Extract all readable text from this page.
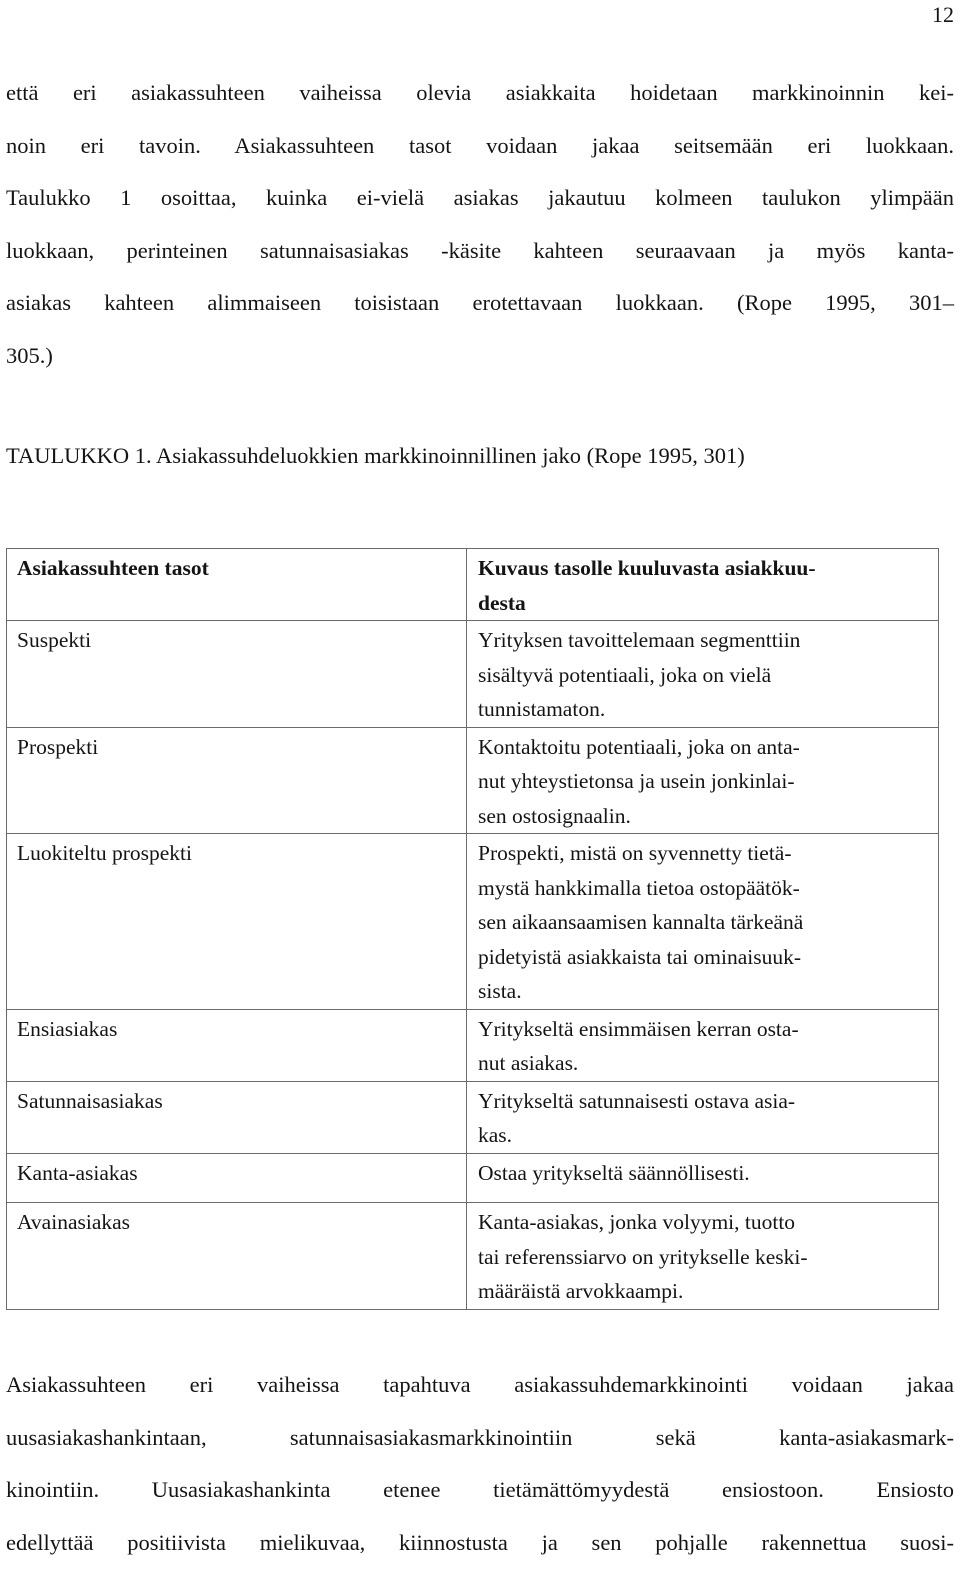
12
että eri asiakassuhteen vaiheissa olevia asiakkaita hoidetaan markkinoinnin kei-
noin eri tavoin. Asiakassuhteen tasot voidaan jakaa seitsemään eri luokkaan.
Taulukko 1 osoittaa, kuinka ei-vielä asiakas jakautuu kolmeen taulukon ylimpään
luokkaan, perinteinen satunnaisasiakas -käsite kahteen seuraavaan ja myös kanta-
asiakas kahteen alimmaiseen toisistaan erotettavaan luokkaan. (Rope 1995, 301–
305.)
TAULUKKO 1. Asiakassuhdeluokkien markkinoinnillinen jako (Rope 1995, 301)
Asiakassuhteen tasot	Kuvaus tasolle kuuluvasta asiakkuu-
desta

Suspekti	Yrityksen tavoittelemaan segmenttiin
sisältyvä potentiaali, joka on vielä
tunnistamaton.

Prospekti	Kontaktoitu potentiaali, joka on anta-
nut yhteystietonsa ja usein jonkinlai-
sen ostosignaalin.

Luokiteltu prospekti	Prospekti, mistä on syvennetty tietä-
mystä hankkimalla tietoa ostopäätök-
sen aikaansaamisen kannalta tärkeänä
pidetyistä asiakkaista tai ominaisuuk-
sista.

Ensiasiakas	Yritykseltä ensimmäisen kerran osta-
nut asiakas.

Satunnaisasiakas	Yritykseltä satunnaisesti ostava asia-
kas.

Kanta-asiakas	Ostaa yritykseltä säännöllisesti.

Avainasiakas	Kanta-asiakas, jonka volyymi, tuotto
tai referenssiarvo on yritykselle keski-
määräistä arvokkaampi.
Asiakassuhteen eri vaiheissa tapahtuva asiakassuhdemarkkinointi voidaan jakaa
uusasiakashankintaan, satunnaisasiakasmarkkinointiin sekä kanta-asiakasmark-
kinointiin. Uusasiakashankinta etenee tietämättömyydestä ensiostoon. Ensiosto
edellyttää positiivista mielikuvaa, kiinnostusta ja sen pohjalle rakennettua suosi-
